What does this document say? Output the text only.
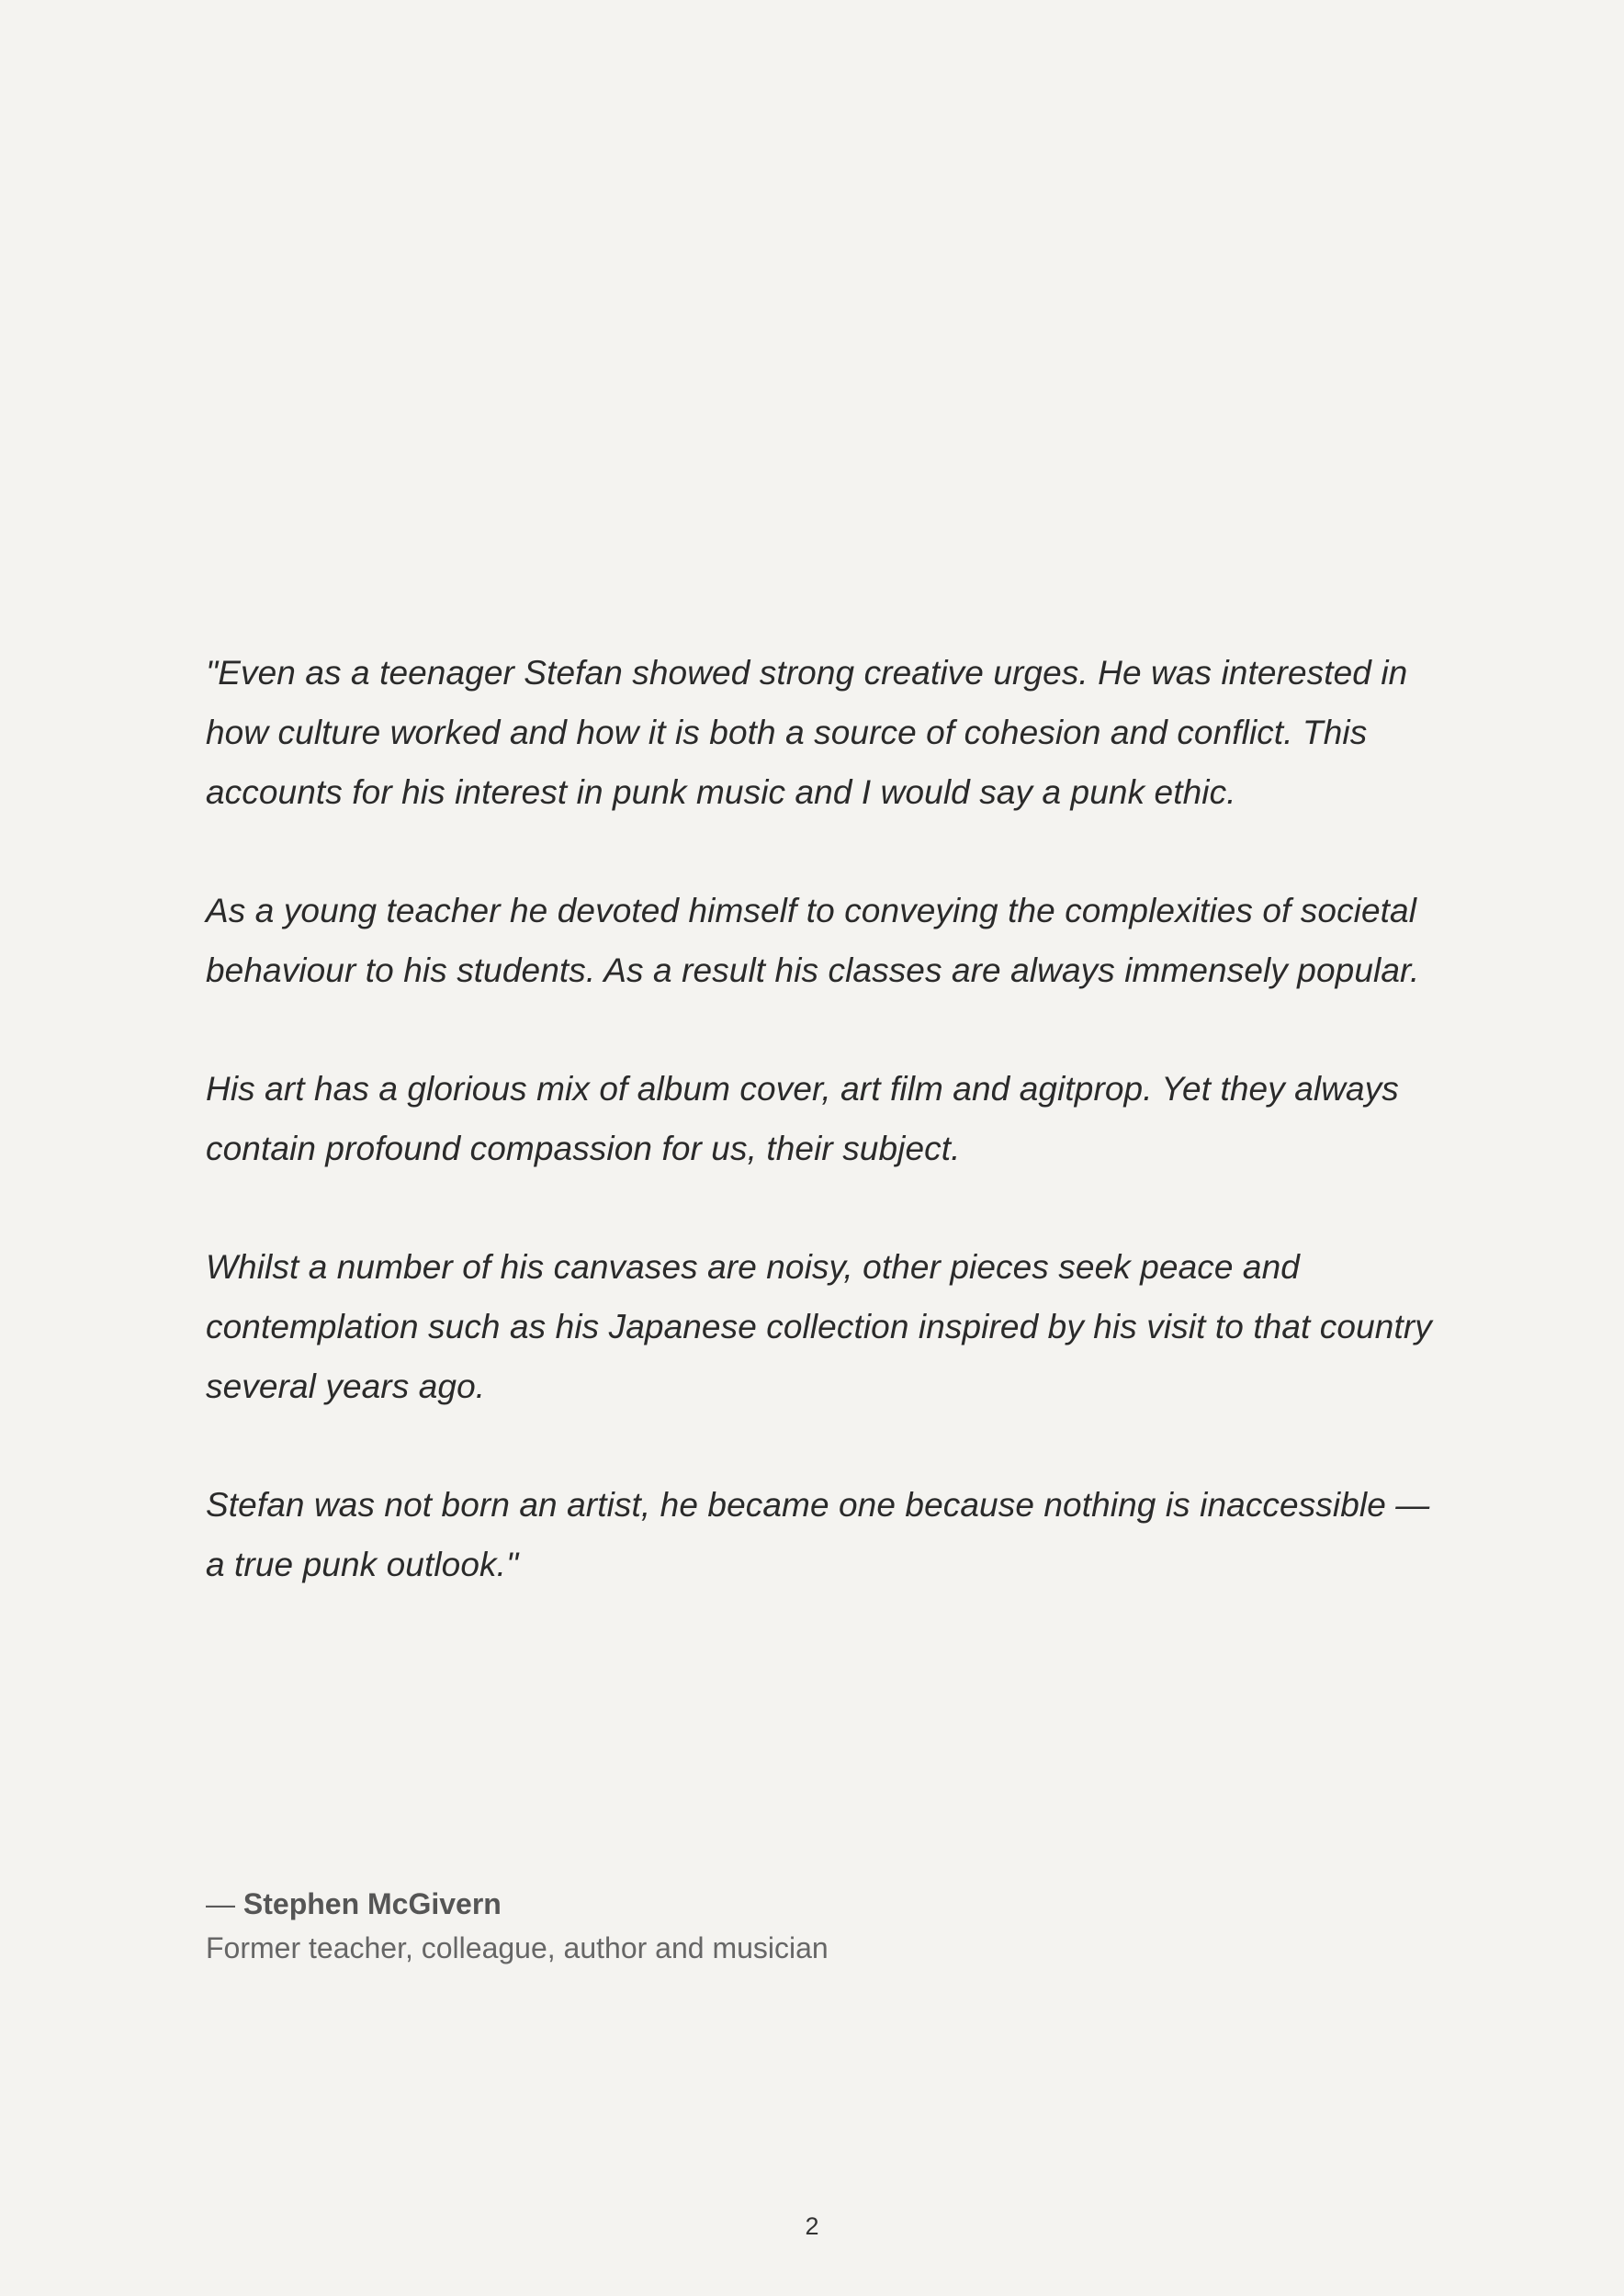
"Even as a teenager Stefan showed strong creative urges. He was interested in how culture worked and how it is both a source of cohesion and conflict. This accounts for his interest in punk music and I would say a punk ethic.

As a young teacher he devoted himself to conveying the complexities of societal behaviour to his students. As a result his classes are always immensely popular.

His art has a glorious mix of album cover, art film and agitprop. Yet they always contain profound compassion for us, their subject.

Whilst a number of his canvases are noisy, other pieces seek peace and contemplation such as his Japanese collection inspired by his visit to that country several years ago.

Stefan was not born an artist, he became one because nothing is inaccessible — a true punk outlook."

— Stephen McGivern
Former teacher, colleague, author and musician
2
